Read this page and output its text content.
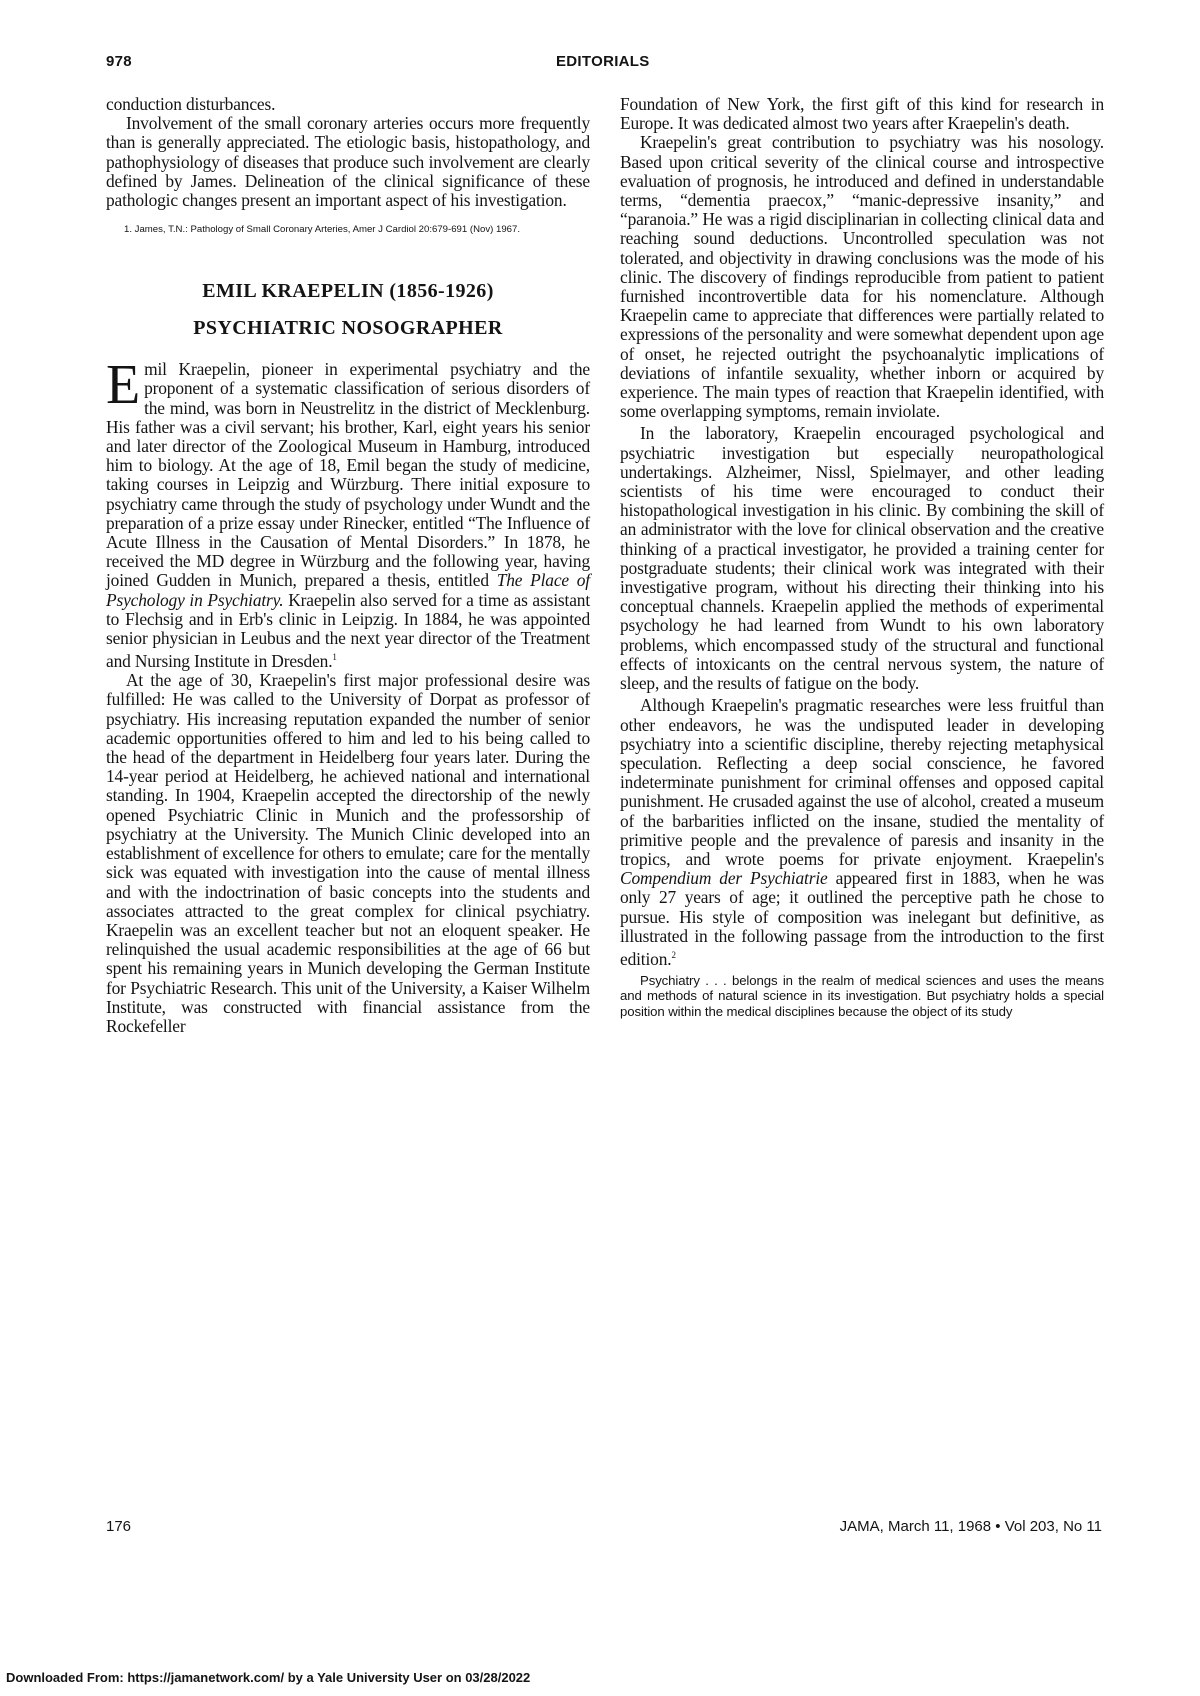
978	EDITORIALS

conduction disturbances.

Involvement of the small coronary arteries occurs more frequently than is generally appreciated. The etiologic basis, histopathology, and pathophysiology of diseases that produce such involvement are clearly defined by James. Delineation of the clinical significance of these pathologic changes present an important aspect of his investigation.

1. James, T.N.: Pathology of Small Coronary Arteries, Amer J Cardiol 20:679-691 (Nov) 1967.

EMIL KRAEPELIN (1856-1926)

PSYCHIATRIC NOSOGRAPHER

Emil Kraepelin, pioneer in experimental psychiatry and the proponent of a systematic classification of serious disorders of the mind, was born in Neustrelitz in the district of Mecklenburg. His father was a civil servant; his brother, Karl, eight years his senior and later director of the Zoological Museum in Hamburg, introduced him to biology. At the age of 18, Emil began the study of medicine, taking courses in Leipzig and Würzburg. There initial exposure to psychiatry came through the study of psychology under Wundt and the preparation of a prize essay under Rinecker, entitled “The Influence of Acute Illness in the Causation of Mental Disorders.” In 1878, he received the MD degree in Würzburg and the following year, having joined Gudden in Munich, prepared a thesis, entitled The Place of Psychology in Psychiatry. Kraepelin also served for a time as assistant to Flechsig and in Erb's clinic in Leipzig. In 1884, he was appointed senior physician in Leubus and the next year director of the Treatment and Nursing Institute in Dresden.$^1$

At the age of 30, Kraepelin's first major professional desire was fulfilled: He was called to the University of Dorpat as professor of psychiatry. His increasing reputation expanded the number of senior academic opportunities offered to him and led to his being called to the head of the department in Heidelberg four years later. During the 14-year period at Heidelberg, he achieved national and international standing. In 1904, Kraepelin accepted the directorship of the newly opened Psychiatric Clinic in Munich and the professorship of psychiatry at the University. The Munich Clinic developed into an establishment of excellence for others to emulate; care for the mentally sick was equated with investigation into the cause of mental illness and with the indoctrination of basic concepts into the students and associates attracted to the great complex for clinical psychiatry. Kraepelin was an excellent teacher but not an eloquent speaker. He relinquished the usual academic responsibilities at the age of 66 but spent his remaining years in Munich developing the German Institute for Psychiatric Research. This unit of the University, a Kaiser Wilhelm Institute, was constructed with financial assistance from the Rockefeller

Foundation of New York, the first gift of this kind for research in Europe. It was dedicated almost two years after Kraepelin's death.

Kraepelin's great contribution to psychiatry was his nosology. Based upon critical severity of the clinical course and introspective evaluation of prognosis, he introduced and defined in understandable terms, “dementia praecox,” “manic-depressive insanity,” and “paranoia.” He was a rigid disciplinarian in collecting clinical data and reaching sound deductions. Uncontrolled speculation was not tolerated, and objectivity in drawing conclusions was the mode of his clinic. The discovery of findings reproducible from patient to patient furnished incontrovertible data for his nomenclature. Although Kraepelin came to appreciate that differences were partially related to expressions of the personality and were somewhat dependent upon age of onset, he rejected outright the psychoanalytic implications of deviations of infantile sexuality, whether inborn or acquired by experience. The main types of reaction that Kraepelin identified, with some overlapping symptoms, remain inviolate.

In the laboratory, Kraepelin encouraged psychological and psychiatric investigation but especially neuropathological undertakings. Alzheimer, Nissl, Spielmayer, and other leading scientists of his time were encouraged to conduct their histopathological investigation in his clinic. By combining the skill of an administrator with the love for clinical observation and the creative thinking of a practical investigator, he provided a training center for postgraduate students; their clinical work was integrated with their investigative program, without his directing their thinking into his conceptual channels. Kraepelin applied the methods of experimental psychology he had learned from Wundt to his own laboratory problems, which encompassed study of the structural and functional effects of intoxicants on the central nervous system, the nature of sleep, and the results of fatigue on the body.

Although Kraepelin's pragmatic researches were less fruitful than other endeavors, he was the undisputed leader in developing psychiatry into a scientific discipline, thereby rejecting metaphysical speculation. Reflecting a deep social conscience, he favored indeterminate punishment for criminal offenses and opposed capital punishment. He crusaded against the use of alcohol, created a museum of the barbarities inflicted on the insane, studied the mentality of primitive people and the prevalence of paresis and insanity in the tropics, and wrote poems for private enjoyment. Kraepelin's Compendium der Psychiatrie appeared first in 1883, when he was only 27 years of age; it outlined the perceptive path he chose to pursue. His style of composition was inelegant but definitive, as illustrated in the following passage from the introduction to the first edition.$^2$

Psychiatry . . . belongs in the realm of medical sciences and uses the means and methods of natural science in its investigation. But psychiatry holds a special position within the medical disciplines because the object of its study

176	JAMA, March 11, 1968 • Vol 203, No 11
Downloaded From: https://jamanetwork.com/ by a Yale University User on 03/28/2022
